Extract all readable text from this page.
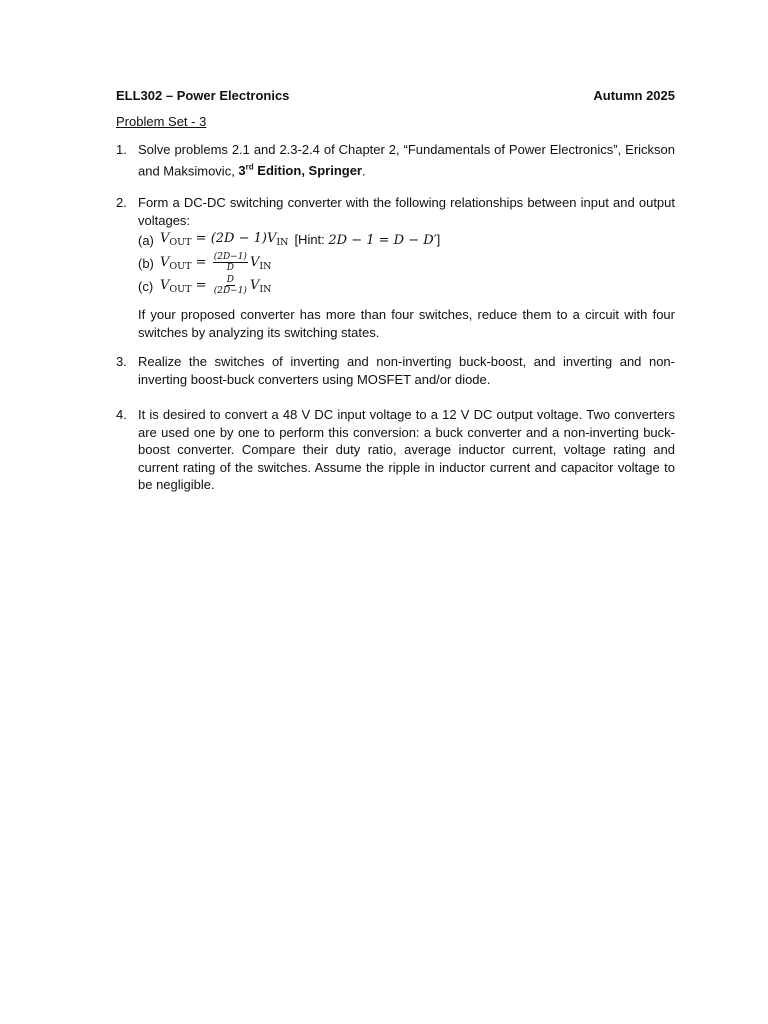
ELL302 – Power Electronics	Autumn 2025
Problem Set - 3
1. Solve problems 2.1 and 2.3-2.4 of Chapter 2, “Fundamentals of Power Electronics”, Erickson and Maksimovic, 3rd Edition, Springer.
2. Form a DC-DC switching converter with the following relationships between input and output voltages:
(a) $V_{OUT} = (2D - 1)V_{IN}$ [Hint: 2D − 1 = D − D′]
(b) $V_{OUT} = \frac{(2D-1)}{D} V_{IN}$
(c) $V_{OUT} = \frac{D}{(2D-1)} V_{IN}$
If your proposed converter has more than four switches, reduce them to a circuit with four switches by analyzing its switching states.
3. Realize the switches of inverting and non-inverting buck-boost, and inverting and non-inverting boost-buck converters using MOSFET and/or diode.
4. It is desired to convert a 48 V DC input voltage to a 12 V DC output voltage. Two converters are used one by one to perform this conversion: a buck converter and a non-inverting buck-boost converter. Compare their duty ratio, average inductor current, voltage rating and current rating of the switches. Assume the ripple in inductor current and capacitor voltage to be negligible.
